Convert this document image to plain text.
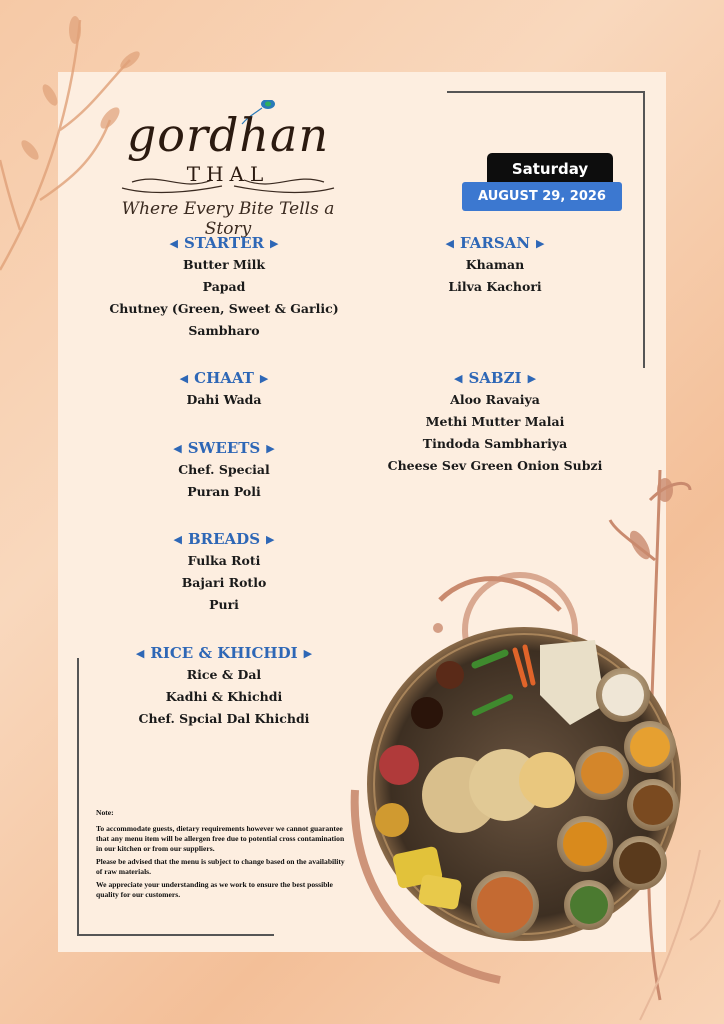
gordhan
THAL
Where Every Bite Tells a Story
Saturday
AUGUST 29, 2026
◀ STARTER ▶
Butter Milk
Papad
Chutney (Green, Sweet & Garlic)
Sambharo
◀ CHAAT ▶
Dahi Wada
◀ SWEETS ▶
Chef. Special
Puran Poli
◀ BREADS ▶
Fulka Roti
Bajari Rotlo
Puri
◀ RICE & KHICHDI ▶
Rice & Dal
Kadhi & Khichdi
Chef. Spcial Dal Khichdi
◀ FARSAN ▶
Khaman
Lilva Kachori
◀ SABZI ▶
Aloo Ravaiya
Methi Mutter Malai
Tindoda Sambhariya
Cheese Sev Green Onion Subzi

Note:

To accommodate guests, dietary requirements however we cannot guarantee that any menu item will be allergen free due to potential cross contamination in our kitchen or from our suppliers.

Please be advised that the menu is subject to change based on the availability of raw materials.

We appreciate your understanding as we work to ensure the best possible quality for our customers.
